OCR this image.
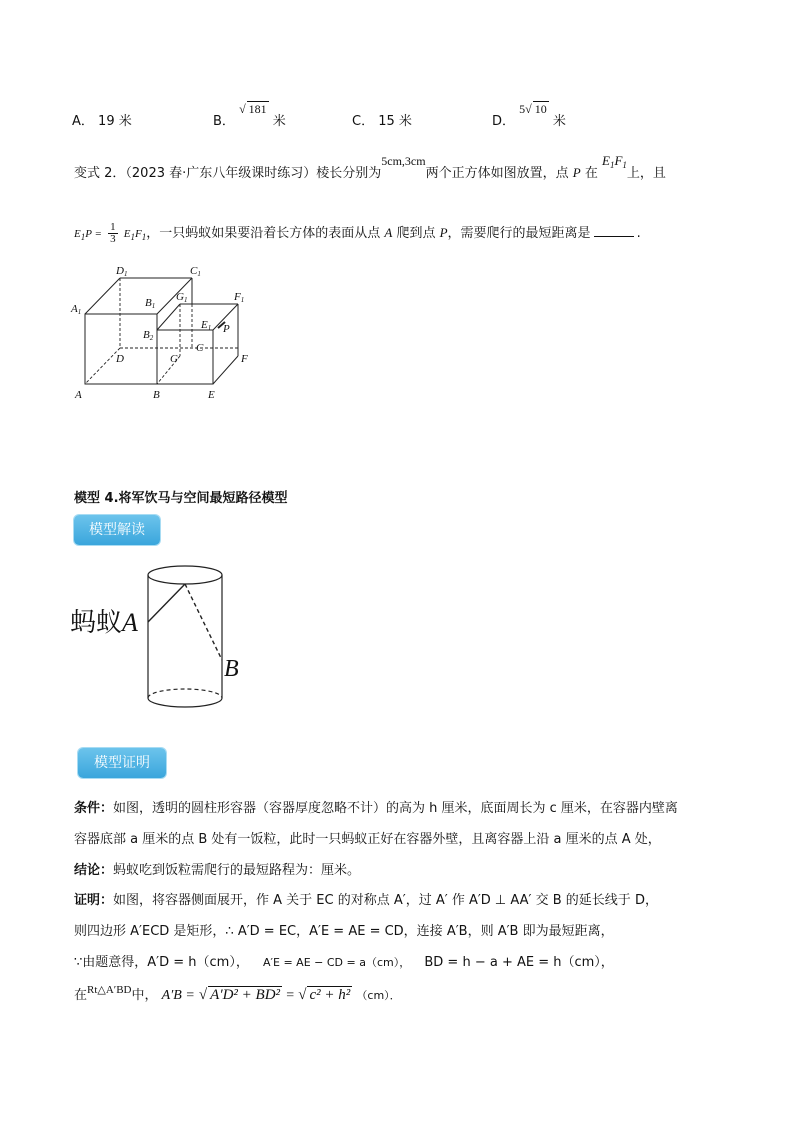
A． 19 米	B． √ 181 米	C． 15 米	D． 5√ 10 米
变式 2．（2023 春·广东八年级课时练习）棱长分别为5cm,3cm两个正方体如图放置，点 P 在 $E_1F_1$上，且
$E_1P = \frac{1}{3} E_1F_1$，一只蚂蚁如果要沿着长方体的表面从点 A 爬到点 P，需要爬行的最短距离是	.
D1	C1
A1
B1
G1	F1
E1 P
B2
C
D	G	F
A	B	E
模型 4.将军饮马与空间最短路径模型
模型解读
蚂蚁A
B
模型证明
条件：如图，透明的圆柱形容器（容器厚度忽略不计）的高为 h 厘米，底面周长为 c 厘米，在容器内壁离
容器底部 a 厘米的点 B 处有一饭粒，此时一只蚂蚁正好在容器外壁，且离容器上沿 a 厘米的点 A 处，
结论：蚂蚁吃到饭粒需爬行的最短路程为：厘米。
证明：如图，将容器侧面展开，作 A 关于 EC 的对称点 A′，过 A′ 作 A′D ⊥ AA′ 交 B 的延长线于 D，
则四边形 A′ECD 是矩形，∴ A′D = EC，A′E = AE = CD，连接 A′B，则 A′B 即为最短距离，
∵由题意得，A′D = h（cm）， A′E = AE − CD = a（cm）， BD = h − a + AE = h（cm），
在Rt△A′BD中， A′B = √ A′D² + BD² = √ c² + h² $_{(cm).}$
